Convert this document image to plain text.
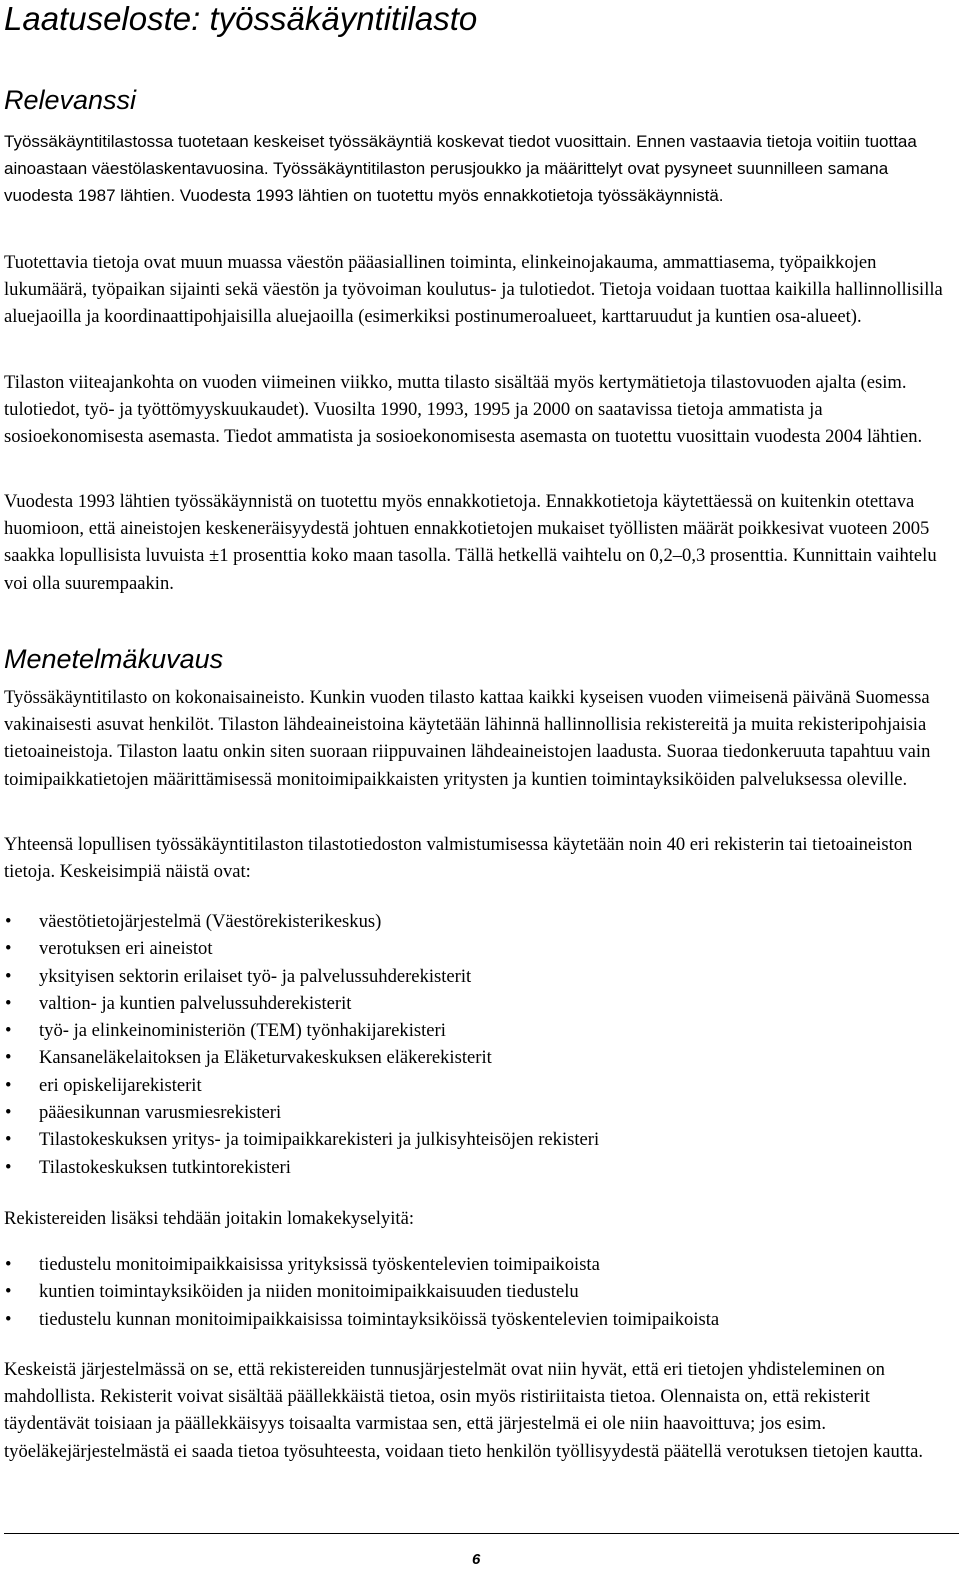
Laatuseloste: työssäkäyntitilasto
Relevanssi

Työssäkäyntitilastossa tuotetaan keskeiset työssäkäyntiä koskevat tiedot vuosittain. Ennen vastaavia tietoja voitiin tuottaa ainoastaan väestölaskentavuosina. Työssäkäyntitilaston perusjoukko ja määrittelyt ovat pysyneet suunnilleen samana vuodesta 1987 lähtien. Vuodesta 1993 lähtien on tuotettu myös ennakkotietoja työssäkäynnistä.

Tuotettavia tietoja ovat muun muassa väestön pääasiallinen toiminta, elinkeinojakauma, ammattiasema, työpaikkojen lukumäärä, työpaikan sijainti sekä väestön ja työvoiman koulutus- ja tulotiedot. Tietoja voidaan tuottaa kaikilla hallinnollisilla aluejaoilla ja koordinaattipohjaisilla aluejaoilla (esimerkiksi postinumeroalueet, karttaruudut ja kuntien osa-alueet).

Tilaston viiteajankohta on vuoden viimeinen viikko, mutta tilasto sisältää myös kertymätietoja tilastovuoden ajalta (esim. tulotiedot, työ- ja työttömyyskuukaudet). Vuosilta 1990, 1993, 1995 ja 2000 on saatavissa tietoja ammatista ja sosioekonomisesta asemasta. Tiedot ammatista ja sosioekonomisesta asemasta on tuotettu vuosittain vuodesta 2004 lähtien.

Vuodesta 1993 lähtien työssäkäynnistä on tuotettu myös ennakkotietoja. Ennakkotietoja käytettäessä on kuitenkin otettava huomioon, että aineistojen keskeneräisyydestä johtuen ennakkotietojen mukaiset työllisten määrät poikkesivat vuoteen 2005 saakka lopullisista luvuista ±1 prosenttia koko maan tasolla. Tällä hetkellä vaihtelu on 0,2–0,3 prosenttia. Kunnittain vaihtelu voi olla suurempaakin.

Menetelmäkuvaus

Työssäkäyntitilasto on kokonaisaineisto. Kunkin vuoden tilasto kattaa kaikki kyseisen vuoden viimeisenä päivänä Suomessa vakinaisesti asuvat henkilöt. Tilaston lähdeaineistoina käytetään lähinnä hallinnollisia rekistereitä ja muita rekisteripohjaisia tietoaineistoja. Tilaston laatu onkin siten suoraan riippuvainen lähdeaineistojen laadusta. Suoraa tiedonkeruuta tapahtuu vain toimipaikkatietojen määrittämisessä monitoimipaikkaisten yritysten ja kuntien toimintayksiköiden palveluksessa oleville.

Yhteensä lopullisen työssäkäyntitilaston tilastotiedoston valmistumisessa käytetään noin 40 eri rekisterin tai tietoaineiston tietoja. Keskeisimpiä näistä ovat:

• väestötietojärjestelmä (Väestörekisterikeskus)
• verotuksen eri aineistot
• yksityisen sektorin erilaiset työ- ja palvelussuhderekisterit
• valtion- ja kuntien palvelussuhderekisterit
• työ- ja elinkeinoministeriön (TEM) työnhakijarekisteri
• Kansaneläkelaitoksen ja Eläketurvakeskuksen eläkerekisterit
• eri opiskelijarekisterit
• pääesikunnan varusmiesrekisteri
• Tilastokeskuksen yritys- ja toimipaikkarekisteri ja julkisyhteisöjen rekisteri
• Tilastokeskuksen tutkintorekisteri

Rekistereiden lisäksi tehdään joitakin lomakekyselyitä:

• tiedustelu monitoimipaikkaisissa yrityksissä työskentelevien toimipaikoista
• kuntien toimintayksiköiden ja niiden monitoimipaikkaisuuden tiedustelu
• tiedustelu kunnan monitoimipaikkaisissa toimintayksiköissä työskentelevien toimipaikoista

Keskeistä järjestelmässä on se, että rekistereiden tunnusjärjestelmät ovat niin hyvät, että eri tietojen yhdisteleminen on mahdollista. Rekisterit voivat sisältää päällekkäistä tietoa, osin myös ristiriitaista tietoa. Olennaista on, että rekisterit täydentävät toisiaan ja päällekkäisyys toisaalta varmistaa sen, että järjestelmä ei ole niin haavoittuva; jos esim. työeläkejärjestelmästä ei saada tietoa työsuhteesta, voidaan tieto henkilön työllisyydestä päätellä verotuksen tietojen kautta.

6
